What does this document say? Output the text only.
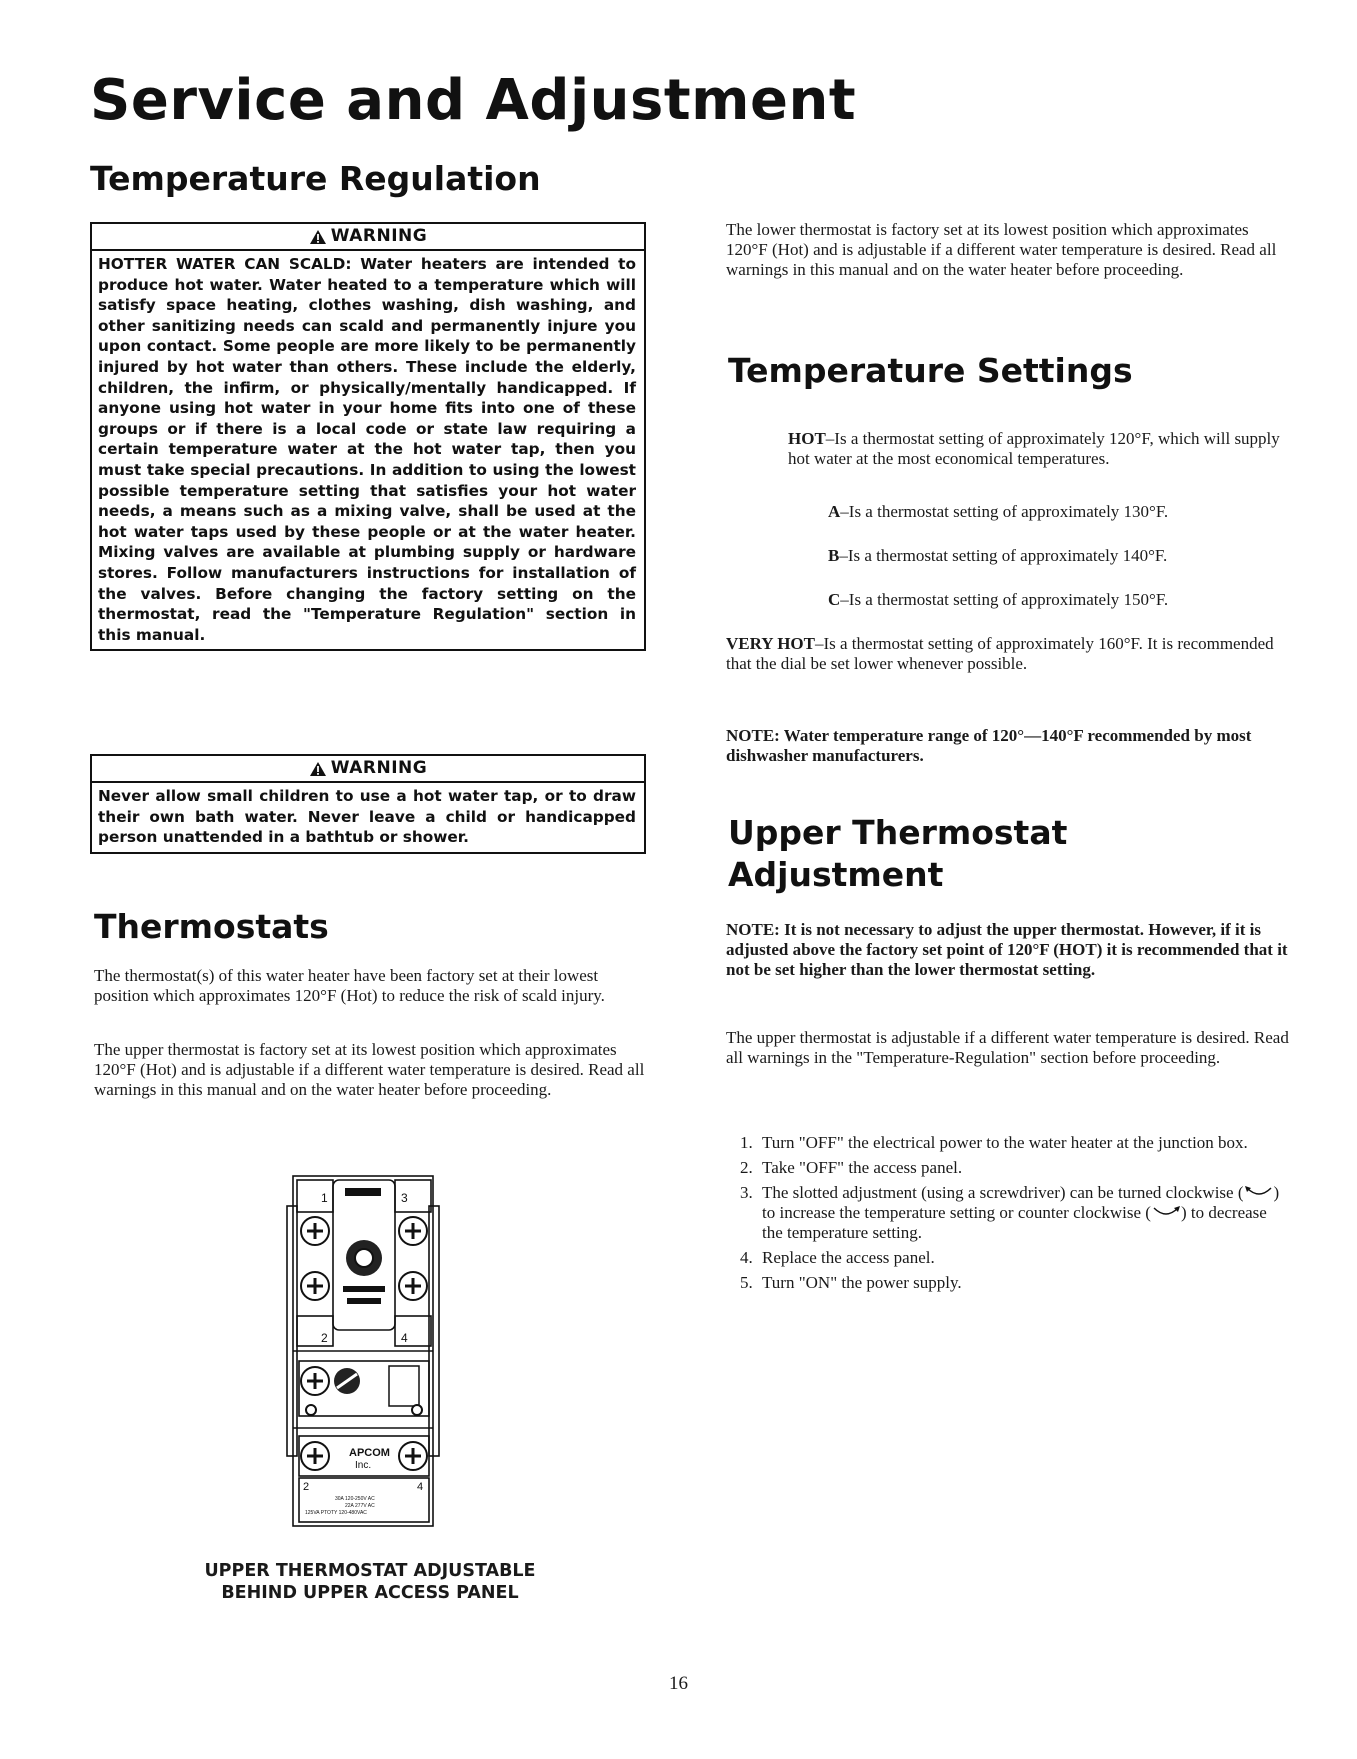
Service and Adjustment
Temperature Regulation
WARNING
HOTTER WATER CAN SCALD: Water heaters are intended to produce hot water. Water heated to a temperature which will satisfy space heating, clothes washing, dish washing, and other sanitizing needs can scald and permanently injure you upon contact. Some people are more likely to be permanently injured by hot water than others. These include the elderly, children, the infirm, or physically/mentally handicapped. If anyone using hot water in your home fits into one of these groups or if there is a local code or state law requiring a certain temperature water at the hot water tap, then you must take special precautions. In addition to using the lowest possible temperature setting that satisfies your hot water needs, a means such as a mixing valve, shall be used at the hot water taps used by these people or at the water heater. Mixing valves are available at plumbing supply or hardware stores. Follow manufacturers instructions for installation of the valves. Before changing the factory setting on the thermostat, read the "Temperature Regulation" section in this manual.
WARNING
Never allow small children to use a hot water tap, or to draw their own bath water. Never leave a child or handicapped person unattended in a bathtub or shower.
Thermostats

The thermostat(s) of this water heater have been factory set at their lowest position which approximates 120°F (Hot) to reduce the risk of scald injury.

The upper thermostat is factory set at its lowest position which approximates 120°F (Hot) and is adjustable if a different water temperature is desired. Read all warnings in this manual and on the water heater before proceeding.

1	3
2	4
APCOM
Inc.
2	4
30A 120-250V AC
22A 277V AC
125VA PTOTY 120-480VAC
UPPER THERMOSTAT ADJUSTABLE
BEHIND UPPER ACCESS PANEL

The lower thermostat is factory set at its lowest position which approximates 120°F (Hot) and is adjustable if a different water temperature is desired. Read all warnings in this manual and on the water heater before proceeding.

Temperature Settings
HOT–Is a thermostat setting of approximately 120°F, which will supply hot water at the most economical temperatures.
A–Is a thermostat setting of approximately 130°F.
B–Is a thermostat setting of approximately 140°F.
C–Is a thermostat setting of approximately 150°F.
VERY HOT–Is a thermostat setting of approximately 160°F. It is recommended that the dial be set lower whenever possible.
NOTE: Water temperature range of 120°—140°F recommended by most dishwasher manufacturers.
Upper Thermostat
Adjustment
NOTE: It is not necessary to adjust the upper thermostat. However, if it is adjusted above the factory set point of 120°F (HOT) it is recommended that it not be set higher than the lower thermostat setting.

The upper thermostat is adjustable if a different water temperature is desired. Read all warnings in the "Temperature-Regulation" section before proceeding.

1. Turn "OFF" the electrical power to the water heater at the junction box.
2. Take "OFF" the access panel.
3. The slotted adjustment (using a screwdriver) can be turned clockwise ( ) to increase the temperature setting or counter clockwise ( ) to decrease the temperature setting.
4. Replace the access panel.
5. Turn "ON" the power supply.
16
